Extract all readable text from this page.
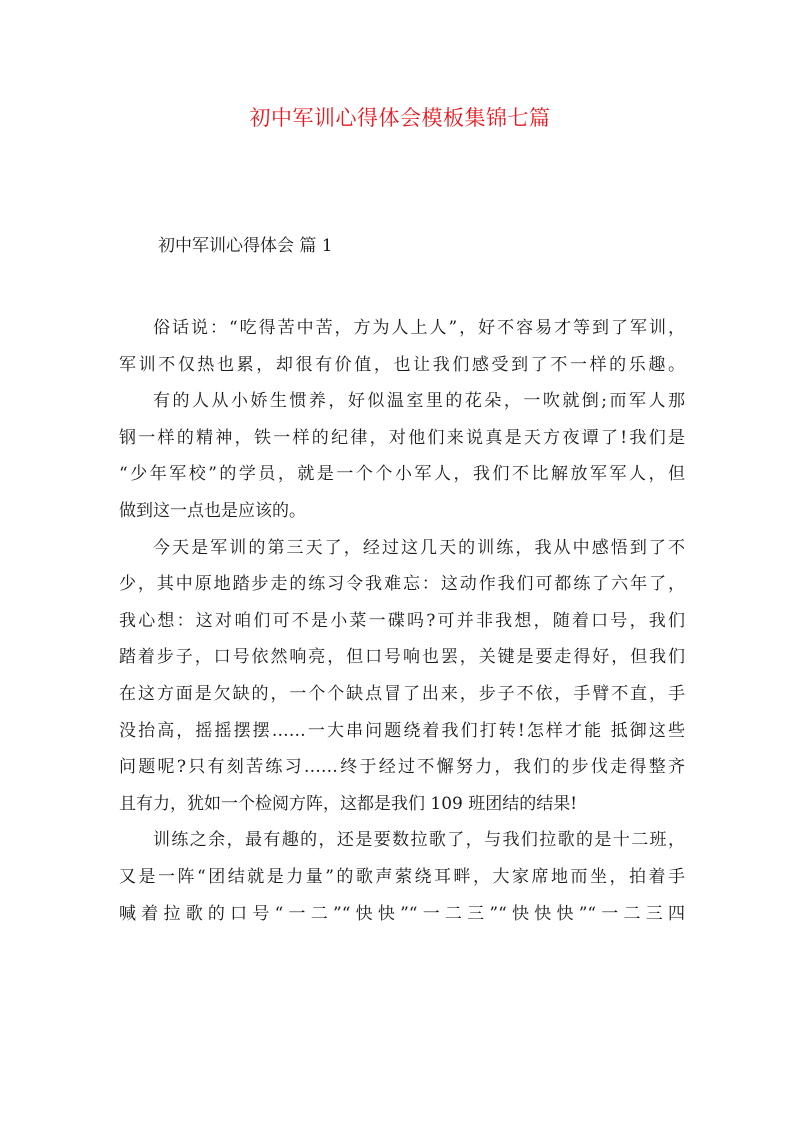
初中军训心得体会模板集锦七篇
初中军训心得体会 篇 1

俗话说：“吃得苦中苦，方为人上人”，好不容易才等到了军训，
军训不仅热也累，却很有价值，也让我们感受到了不一样的乐趣。

有的人从小娇生惯养，好似温室里的花朵，一吹就倒;而军人那
钢一样的精神，铁一样的纪律，对他们来说真是天方夜谭了!我们是
“少年军校”的学员，就是一个个小军人，我们不比解放军军人，但
做到这一点也是应该的。

今天是军训的第三天了，经过这几天的训练，我从中感悟到了不
少，其中原地踏步走的练习令我难忘：这动作我们可都练了六年了，
我心想：这对咱们可不是小菜一碟吗?可并非我想，随着口号，我们
踏着步子，口号依然响亮，但口号响也罢，关键是要走得好，但我们
在这方面是欠缺的，一个个缺点冒了出来，步子不依，手臂不直，手
没抬高，摇摇摆摆……一大串问题绕着我们打转!怎样才能 抵御这些
问题呢?只有刻苦练习……终于经过不懈努力，我们的步伐走得整齐
且有力，犹如一个检阅方阵，这都是我们 109 班团结的结果!

训练之余，最有趣的，还是要数拉歌了，与我们拉歌的是十二班，
又是一阵“团结就是力量”的歌声萦绕耳畔，大家席地而坐，拍着手
喊着拉歌的口号“一二”“快快”“一二三”“快快快”“一二三四
